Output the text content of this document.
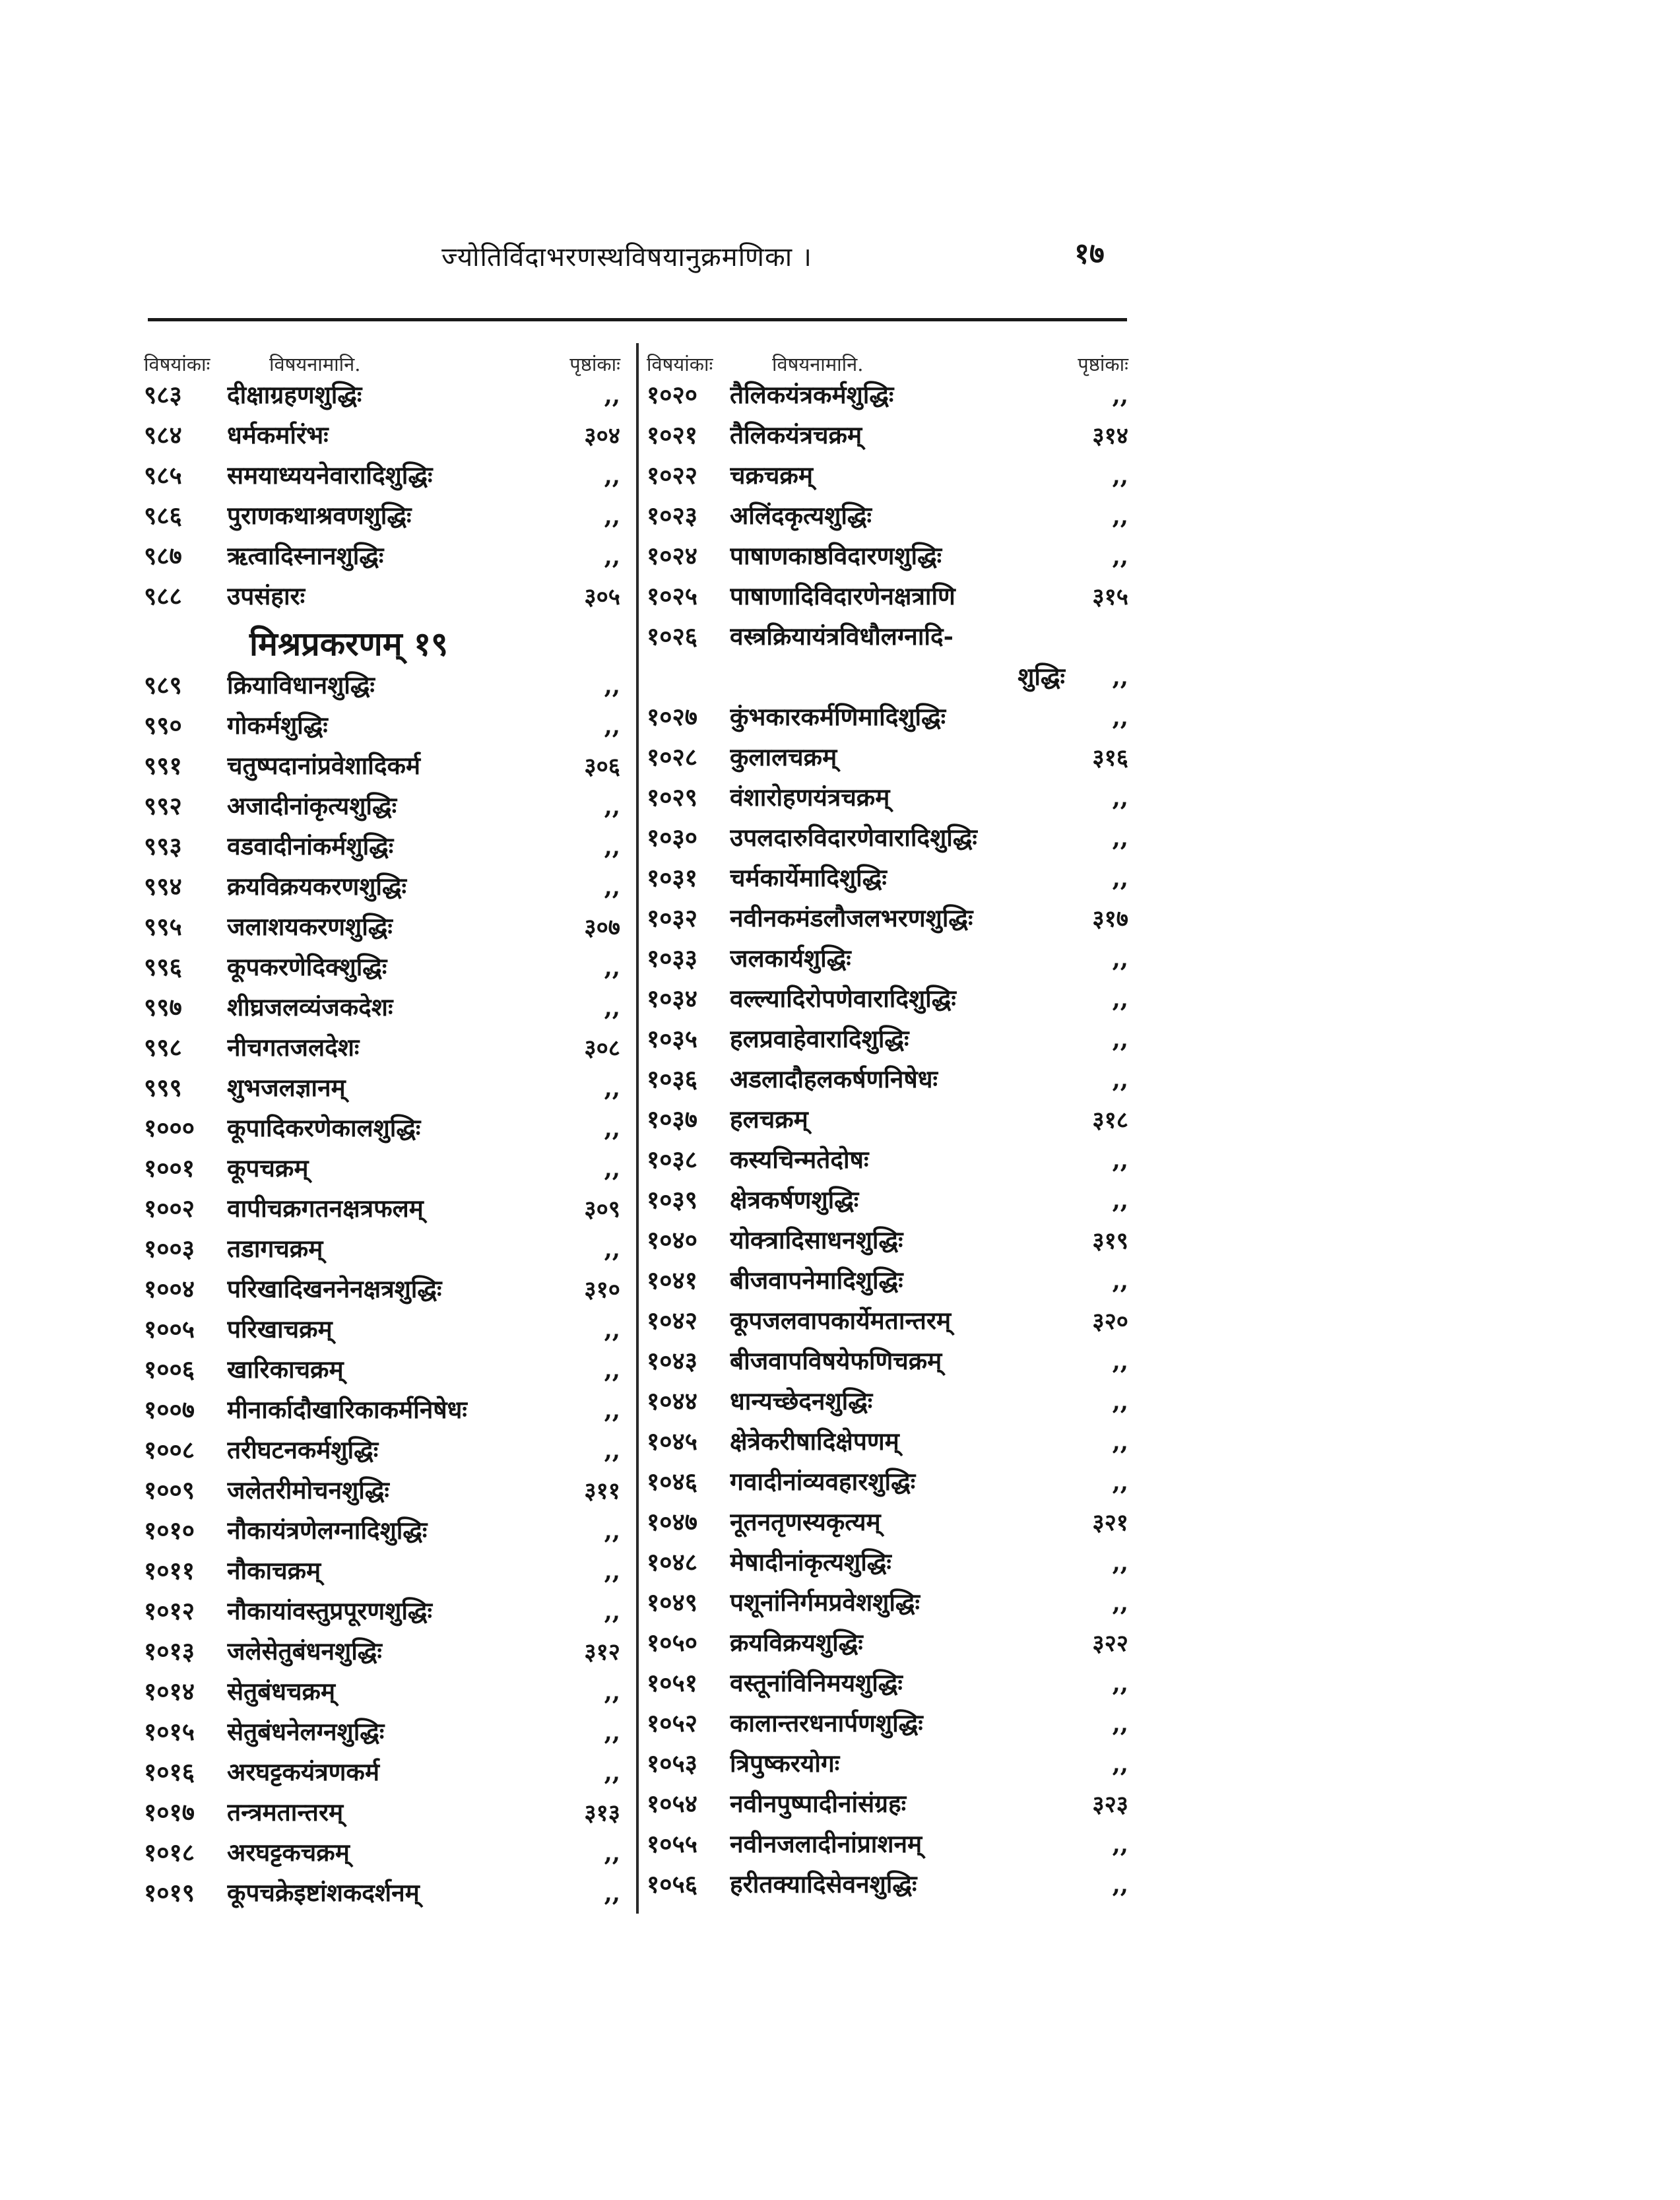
ज्योतिर्विदाभरणस्थविषयानुक्रमणिका ।	१७
विषयांकाः	विषयनामानि.	पृष्ठांकाः
९८३	दीक्षाग्रहणशुद्धिः	,,
९८४	धर्मकर्मारंभः	३०४
९८५	समयाध्ययनेवारादिशुद्धिः	,,
९८६	पुराणकथाश्रवणशुद्धिः	,,
९८७	ऋत्वादिस्नानशुद्धिः	,,
९८८	उपसंहारः	३०५
मिश्रप्रकरणम् १९
९८९	क्रियाविधानशुद्धिः	,,
९९०	गोकर्मशुद्धिः	,,
९९१	चतुष्पदानांप्रवेशादिकर्म	३०६
९९२	अजादीनांकृत्यशुद्धिः	,,
९९३	वडवादीनांकर्मशुद्धिः	,,
९९४	क्रयविक्रयकरणशुद्धिः	,,
९९५	जलाशयकरणशुद्धिः	३०७
९९६	कूपकरणेदिक्शुद्धिः	,,
९९७	शीघ्रजलव्यंजकदेशः	,,
९९८	नीचगतजलदेशः	३०८
९९९	शुभजलज्ञानम्	,,
१०००	कूपादिकरणेकालशुद्धिः	,,
१००१	कूपचक्रम्	,,
१००२	वापीचक्रगतनक्षत्रफलम्	३०९
१००३	तडागचक्रम्	,,
१००४	परिखादिखननेनक्षत्रशुद्धिः	३१०
१००५	परिखाचक्रम्	,,
१००६	खारिकाचक्रम्	,,
१००७	मीनार्कादौखारिकाकर्मनिषेधः	,,
१००८	तरीघटनकर्मशुद्धिः	,,
१००९	जलेतरीमोचनशुद्धिः	३११
१०१०	नौकायंत्रणेलग्नादिशुद्धिः	,,
१०११	नौकाचक्रम्	,,
१०१२	नौकायांवस्तुप्रपूरणशुद्धिः	,,
१०१३	जलेसेतुबंधनशुद्धिः	३१२
१०१४	सेतुबंधचक्रम्	,,
१०१५	सेतुबंधनेलग्नशुद्धिः	,,
१०१६	अरघट्टकयंत्रणकर्म	,,
१०१७	तन्त्रमतान्तरम्	३१३
१०१८	अरघट्टकचक्रम्	,,
१०१९	कूपचक्रेइष्टांशकदर्शनम्	,,
विषयांकाः	विषयनामानि.	पृष्ठांकाः
१०२०	तैलिकयंत्रकर्मशुद्धिः	,,
१०२१	तैलिकयंत्रचक्रम्	३१४
१०२२	चक्रचक्रम्	,,
१०२३	अलिंदकृत्यशुद्धिः	,,
१०२४	पाषाणकाष्ठविदारणशुद्धिः	,,
१०२५	पाषाणादिविदारणेनक्षत्राणि	३१५
१०२६	वस्त्रक्रियायंत्रविधौलग्नादि-
शुद्धिः	,,
१०२७	कुंभकारकर्मणिमादिशुद्धिः	,,
१०२८	कुलालचक्रम्	३१६
१०२९	वंशारोहणयंत्रचक्रम्	,,
१०३०	उपलदारुविदारणेवारादिशुद्धिः	,,
१०३१	चर्मकार्येमादिशुद्धिः	,,
१०३२	नवीनकमंडलौजलभरणशुद्धिः	३१७
१०३३	जलकार्यशुद्धिः	,,
१०३४	वल्ल्यादिरोपणेवारादिशुद्धिः	,,
१०३५	हलप्रवाहेवारादिशुद्धिः	,,
१०३६	अडलादौहलकर्षणनिषेधः	,,
१०३७	हलचक्रम्	३१८
१०३८	कस्यचिन्मतेदोषः	,,
१०३९	क्षेत्रकर्षणशुद्धिः	,,
१०४०	योक्त्रादिसाधनशुद्धिः	३१९
१०४१	बीजवापनेमादिशुद्धिः	,,
१०४२	कूपजलवापकार्येमतान्तरम्	३२०
१०४३	बीजवापविषयेफणिचक्रम्	,,
१०४४	धान्यच्छेदनशुद्धिः	,,
१०४५	क्षेत्रेकरीषादिक्षेपणम्	,,
१०४६	गवादीनांव्यवहारशुद्धिः	,,
१०४७	नूतनतृणस्यकृत्यम्	३२१
१०४८	मेषादीनांकृत्यशुद्धिः	,,
१०४९	पशूनांनिर्गमप्रवेशशुद्धिः	,,
१०५०	क्रयविक्रयशुद्धिः	३२२
१०५१	वस्तूनांविनिमयशुद्धिः	,,
१०५२	कालान्तरधनार्पणशुद्धिः	,,
१०५३	त्रिपुष्करयोगः	,,
१०५४	नवीनपुष्पादीनांसंग्रहः	३२३
१०५५	नवीनजलादीनांप्राशनम्	,,
१०५६	हरीतक्यादिसेवनशुद्धिः	,,
